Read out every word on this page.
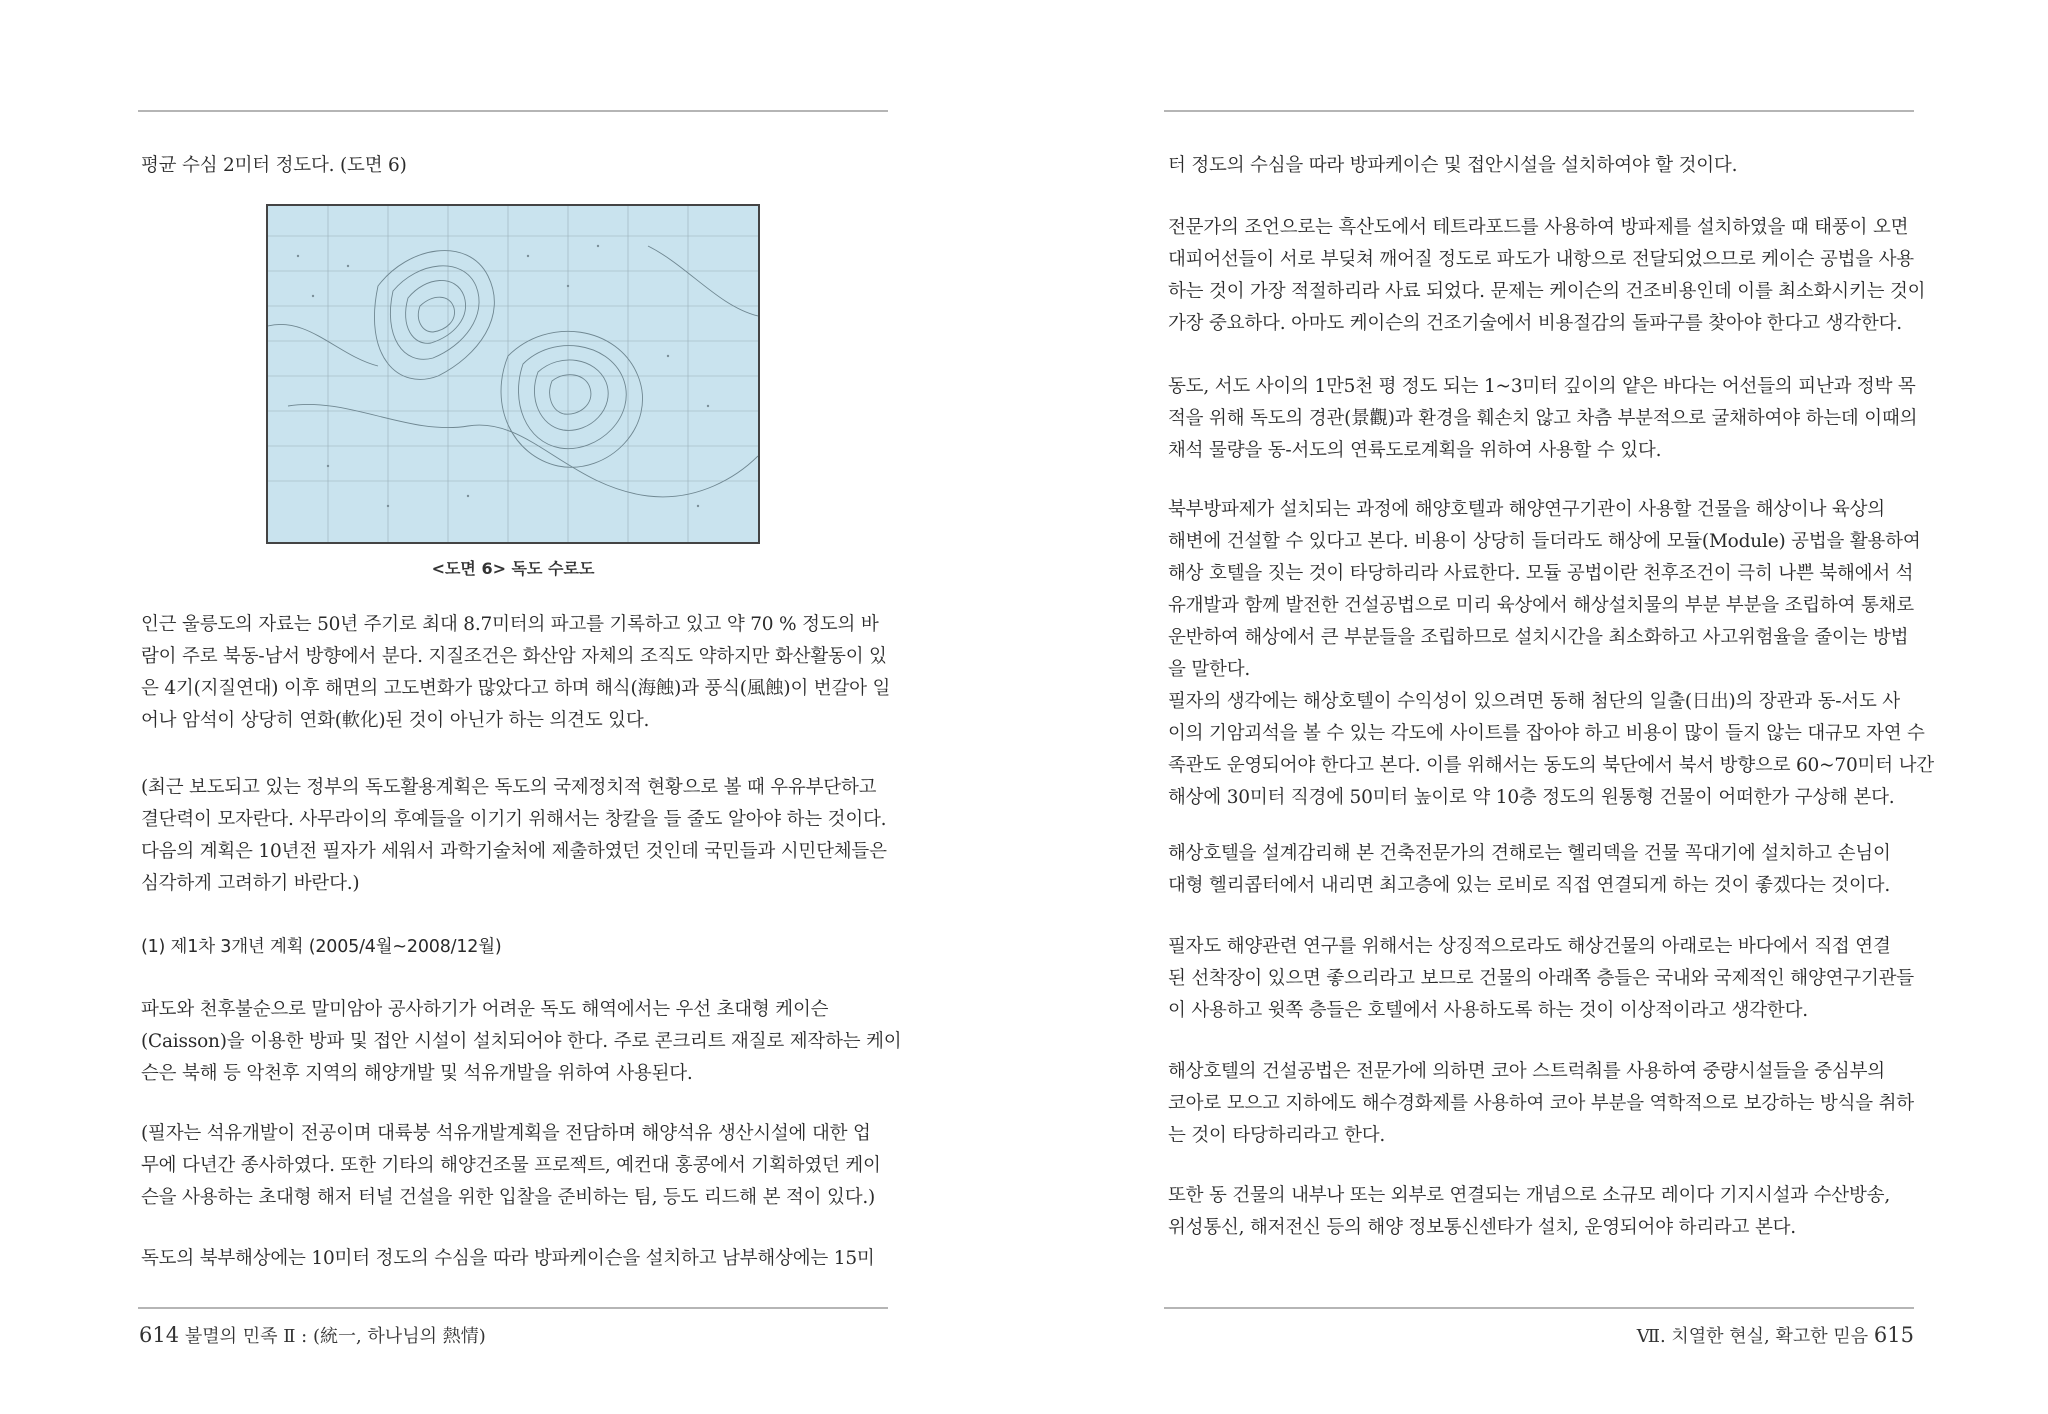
평균 수심 2미터 정도다. (도면 6)
<도면 6> 독도 수로도
인근 울릉도의 자료는 50년 주기로 최대 8.7미터의 파고를 기록하고 있고 약 70 % 정도의 바
람이 주로 북동-남서 방향에서 분다. 지질조건은 화산암 자체의 조직도 약하지만 화산활동이 있
은 4기(지질연대) 이후 해면의 고도변화가 많았다고 하며 해식(海蝕)과 풍식(風蝕)이 번갈아 일
어나 암석이 상당히 연화(軟化)된 것이 아닌가 하는 의견도 있다.
(최근 보도되고 있는 정부의 독도활용계획은 독도의 국제정치적 현황으로 볼 때 우유부단하고
결단력이 모자란다. 사무라이의 후예들을 이기기 위해서는 창칼을 들 줄도 알아야 하는 것이다.
다음의 계획은 10년전 필자가 세워서 과학기술처에 제출하였던 것인데 국민들과 시민단체들은
심각하게 고려하기 바란다.)
(1) 제1차 3개년 계획 (2005/4월~2008/12월)
파도와 천후불순으로 말미암아 공사하기가 어려운 독도 해역에서는 우선 초대형 케이슨
(Caisson)을 이용한 방파 및 접안 시설이 설치되어야 한다. 주로 콘크리트 재질로 제작하는 케이
슨은 북해 등 악천후 지역의 해양개발 및 석유개발을 위하여 사용된다.
(필자는 석유개발이 전공이며 대륙붕 석유개발계획을 전담하며 해양석유 생산시설에 대한 업
무에 다년간 종사하였다. 또한 기타의 해양건조물 프로젝트, 예컨대 홍콩에서 기획하였던 케이
슨을 사용하는 초대형 해저 터널 건설을 위한 입찰을 준비하는 팀, 등도 리드해 본 적이 있다.)
독도의 북부해상에는 10미터 정도의 수심을 따라 방파케이슨을 설치하고 남부해상에는 15미
614 불멸의 민족 Ⅱ : (統一, 하나님의 熱情)
터 정도의 수심을 따라 방파케이슨 및 접안시설을 설치하여야 할 것이다.
전문가의 조언으로는 흑산도에서 테트라포드를 사용하여 방파제를 설치하였을 때 태풍이 오면
대피어선들이 서로 부딪쳐 깨어질 정도로 파도가 내항으로 전달되었으므로 케이슨 공법을 사용
하는 것이 가장 적절하리라 사료 되었다. 문제는 케이슨의 건조비용인데 이를 최소화시키는 것이
가장 중요하다. 아마도 케이슨의 건조기술에서 비용절감의 돌파구를 찾아야 한다고 생각한다.
동도, 서도 사이의 1만5천 평 정도 되는 1~3미터 깊이의 얕은 바다는 어선들의 피난과 정박 목
적을 위해 독도의 경관(景觀)과 환경을 훼손치 않고 차츰 부분적으로 굴채하여야 하는데 이때의
채석 물량을 동-서도의 연륙도로계획을 위하여 사용할 수 있다.
북부방파제가 설치되는 과정에 해양호텔과 해양연구기관이 사용할 건물을 해상이나 육상의
해변에 건설할 수 있다고 본다. 비용이 상당히 들더라도 해상에 모듈(Module) 공법을 활용하여
해상 호텔을 짓는 것이 타당하리라 사료한다. 모듈 공법이란 천후조건이 극히 나쁜 북해에서 석
유개발과 함께 발전한 건설공법으로 미리 육상에서 해상설치물의 부분 부분을 조립하여 통채로
운반하여 해상에서 큰 부분들을 조립하므로 설치시간을 최소화하고 사고위험율을 줄이는 방법
을 말한다.
필자의 생각에는 해상호텔이 수익성이 있으려면 동해 첨단의 일출(日出)의 장관과 동-서도 사
이의 기암괴석을 볼 수 있는 각도에 사이트를 잡아야 하고 비용이 많이 들지 않는 대규모 자연 수
족관도 운영되어야 한다고 본다. 이를 위해서는 동도의 북단에서 북서 방향으로 60~70미터 나간
해상에 30미터 직경에 50미터 높이로 약 10층 정도의 원통형 건물이 어떠한가 구상해 본다.
해상호텔을 설계감리해 본 건축전문가의 견해로는 헬리덱을 건물 꼭대기에 설치하고 손님이
대형 헬리콥터에서 내리면 최고층에 있는 로비로 직접 연결되게 하는 것이 좋겠다는 것이다.
필자도 해양관련 연구를 위해서는 상징적으로라도 해상건물의 아래로는 바다에서 직접 연결
된 선착장이 있으면 좋으리라고 보므로 건물의 아래쪽 층들은 국내와 국제적인 해양연구기관들
이 사용하고 윗쪽 층들은 호텔에서 사용하도록 하는 것이 이상적이라고 생각한다.
해상호텔의 건설공법은 전문가에 의하면 코아 스트럭춰를 사용하여 중량시설들을 중심부의
코아로 모으고 지하에도 해수경화제를 사용하여 코아 부분을 역학적으로 보강하는 방식을 취하
는 것이 타당하리라고 한다.
또한 동 건물의 내부나 또는 외부로 연결되는 개념으로 소규모 레이다 기지시설과 수산방송,
위성통신, 해저전신 등의 해양 정보통신센타가 설치, 운영되어야 하리라고 본다.
Ⅶ. 치열한 현실, 확고한 믿음 615
